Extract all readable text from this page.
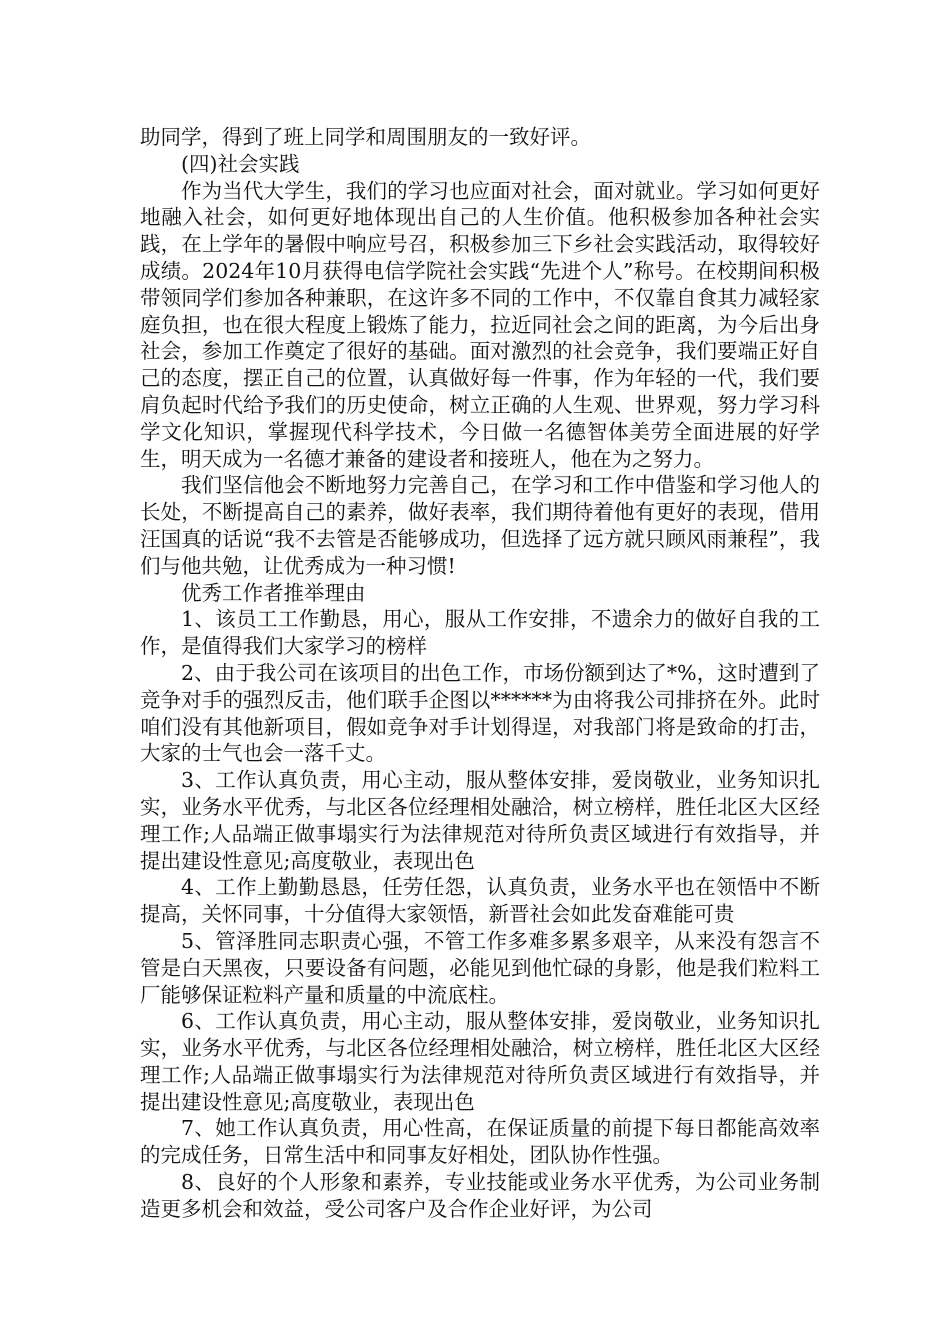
助同学，得到了班上同学和周围朋友的一致好评。

(四)社会实践

作为当代大学生，我们的学习也应面对社会，面对就业。学习如何更好地融入社会，如何更好地体现出自己的人生价值。他积极参加各种社会实践，在上学年的暑假中响应号召，积极参加三下乡社会实践活动，取得较好成绩。2024年10月获得电信学院社会实践“先进个人”称号。在校期间积极带领同学们参加各种兼职，在这许多不同的工作中，不仅靠自食其力减轻家庭负担，也在很大程度上锻炼了能力，拉近同社会之间的距离，为今后出身社会，参加工作奠定了很好的基础。面对激烈的社会竞争，我们要端正好自己的态度，摆正自己的位置，认真做好每一件事，作为年轻的一代，我们要肩负起时代给予我们的历史使命，树立正确的人生观、世界观，努力学习科学文化知识，掌握现代科学技术，今日做一名德智体美劳全面进展的好学生，明天成为一名德才兼备的建设者和接班人，他在为之努力。

我们坚信他会不断地努力完善自己，在学习和工作中借鉴和学习他人的长处，不断提高自己的素养，做好表率，我们期待着他有更好的表现，借用汪国真的话说“我不去管是否能够成功，但选择了远方就只顾风雨兼程”，我们与他共勉，让优秀成为一种习惯!

优秀工作者推举理由

1、该员工工作勤恳，用心，服从工作安排，不遗余力的做好自我的工作，是值得我们大家学习的榜样

2、由于我公司在该项目的出色工作，市场份额到达了*%，这时遭到了竞争对手的强烈反击，他们联手企图以******为由将我公司排挤在外。此时咱们没有其他新项目，假如竞争对手计划得逞，对我部门将是致命的打击，大家的士气也会一落千丈。

3、工作认真负责，用心主动，服从整体安排，爱岗敬业，业务知识扎实，业务水平优秀，与北区各位经理相处融洽，树立榜样，胜任北区大区经理工作;人品端正做事塌实行为法律规范对待所负责区域进行有效指导，并提出建设性意见;高度敬业，表现出色

4、工作上勤勤恳恳，任劳任怨，认真负责，业务水平也在领悟中不断提高，关怀同事，十分值得大家领悟，新晋社会如此发奋难能可贵

5、管泽胜同志职责心强，不管工作多难多累多艰辛，从来没有怨言不管是白天黑夜，只要设备有问题，必能见到他忙碌的身影，他是我们粒料工厂能够保证粒料产量和质量的中流底柱。

6、工作认真负责，用心主动，服从整体安排，爱岗敬业，业务知识扎实，业务水平优秀，与北区各位经理相处融洽，树立榜样，胜任北区大区经理工作;人品端正做事塌实行为法律规范对待所负责区域进行有效指导，并提出建设性意见;高度敬业，表现出色

7、她工作认真负责，用心性高，在保证质量的前提下每日都能高效率的完成任务，日常生活中和同事友好相处，团队协作性强。

8、良好的个人形象和素养，专业技能或业务水平优秀，为公司业务制造更多机会和效益，受公司客户及合作企业好评，为公司
